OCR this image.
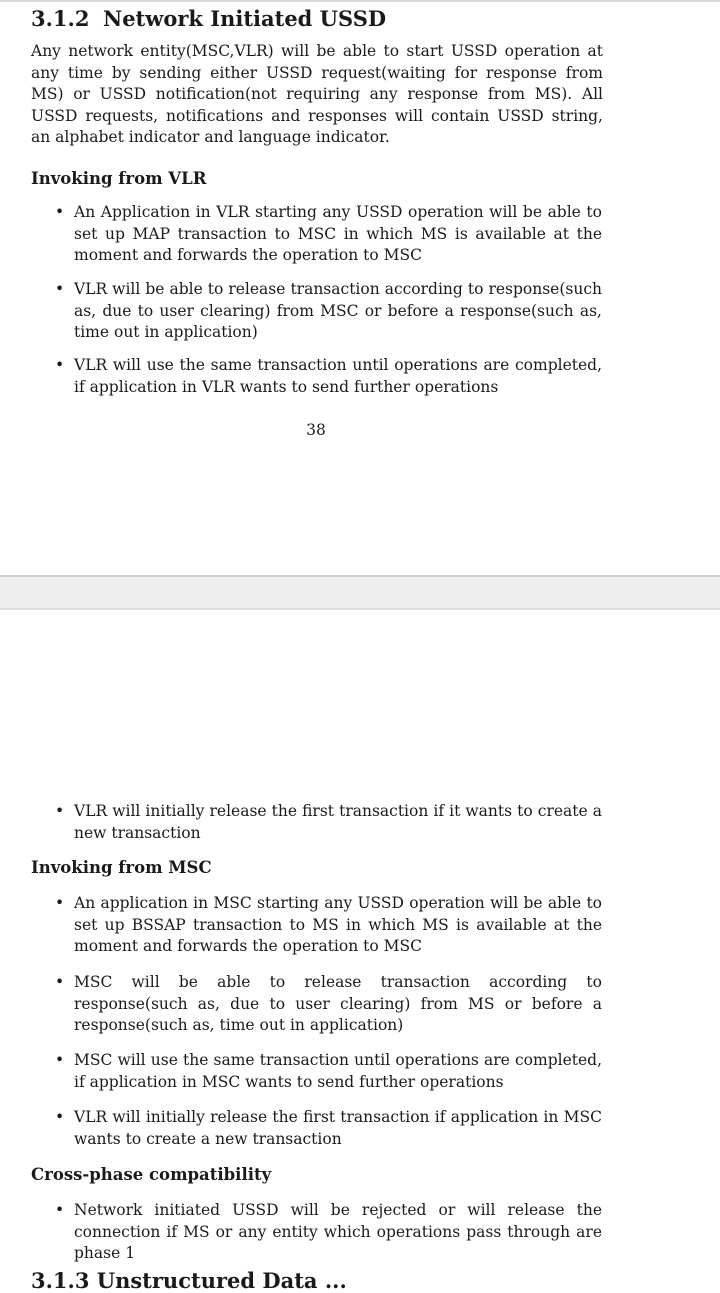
3.1.2 Network Initiated USSD

Any network entity(MSC,VLR) will be able to start USSD operation at any time by sending either USSD request(waiting for response from MS) or USSD notification(not requiring any response from MS). All USSD requests, notifications and responses will contain USSD string, an alphabet indicator and language indicator.

Invoking from VLR
• An Application in VLR starting any USSD operation will be able to set up MAP transaction to MSC in which MS is available at the moment and forwards the operation to MSC
• VLR will be able to release transaction according to response(such as, due to user clearing) from MSC or before a response(such as, time out in application)
• VLR will use the same transaction until operations are completed, if application in VLR wants to send further operations

38

• VLR will initially release the first transaction if it wants to create a new transaction
Invoking from MSC
• An application in MSC starting any USSD operation will be able to set up BSSAP transaction to MS in which MS is available at the moment and forwards the operation to MSC
• MSC will be able to release transaction according to response(such as, due to user clearing) from MS or before a response(such as, time out in application)
• MSC will use the same transaction until operations are completed, if application in MSC wants to send further operations
• VLR will initially release the first transaction if application in MSC wants to create a new transaction
Cross-phase compatibility
• Network initiated USSD will be rejected or will release the connection if MS or any entity which operations pass through are phase 1
3.1.3 Unstructured Data ...
